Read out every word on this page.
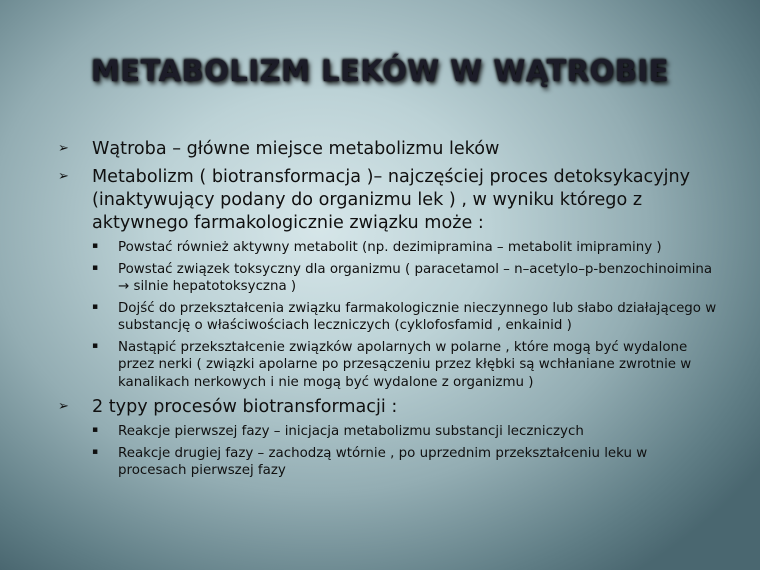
METABOLIZM LEKÓW W WĄTROBIE
➢ Wątroba – główne miejsce metabolizmu leków
➢ Metabolizm ( biotransformacja )– najczęściej proces detoksykacyjny (inaktywujący podany do organizmu lek ) , w wyniku którego z aktywnego farmakologicznie związku może :
▪ Powstać również aktywny metabolit (np. dezimipramina – metabolit imipraminy )
▪ Powstać związek toksyczny dla organizmu ( paracetamol – n–acetylo–p-benzochinoimina → silnie hepatotoksyczna )
▪ Dojść do przekształcenia związku farmakologicznie nieczynnego lub słabo działającego w substancję o właściwościach leczniczych (cyklofosfamid , enkainid )
▪ Nastąpić przekształcenie związków apolarnych w polarne , które mogą być wydalone przez nerki ( związki apolarne po przesączeniu przez kłębki są wchłaniane zwrotnie w kanalikach nerkowych i nie mogą być wydalone z organizmu )
➢ 2 typy procesów biotransformacji :
▪ Reakcje pierwszej fazy – inicjacja metabolizmu substancji leczniczych
▪ Reakcje drugiej fazy – zachodzą wtórnie , po uprzednim przekształceniu leku w procesach pierwszej fazy
